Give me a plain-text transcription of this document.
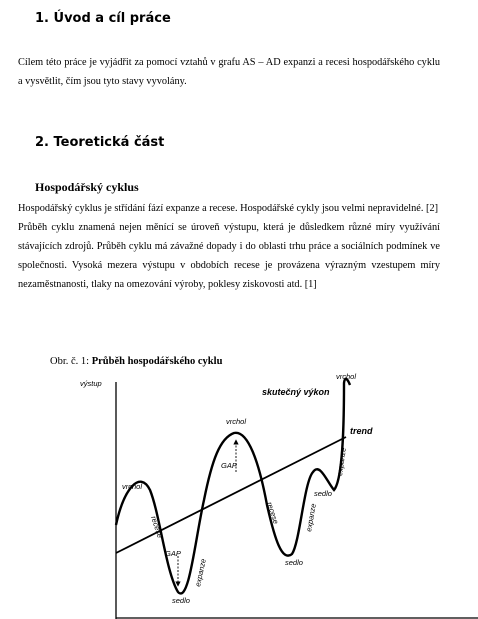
1. Úvod a cíl práce

Cílem této práce je vyjádřit za pomocí vztahů v grafu AS – AD expanzi a recesi hospodářského cyklu a vysvětlit, čím jsou tyto stavy vyvolány.

2. Teoretická část
Hospodářský cyklus

Hospodářský cyklus je střídání fází expanze a recese. Hospodářské cykly jsou velmi nepravidelné. [2]

Průběh cyklu znamená nejen měnící se úroveň výstupu, která je důsledkem různé míry využívání stávajících zdrojů. Průběh cyklu má závažné dopady i do oblasti trhu práce a sociálních podmínek ve společnosti. Vysoká mezera výstupu v obdobích recese je provázena výrazným vzestupem míry nezaměstnanosti, tlaky na omezování výroby, poklesy ziskovosti atd. [1]

Obr. č. 1: Průběh hospodářského cyklu
výstup
skutečný výkon
trend
vrchol
vrchol
vrchol
sedlo
sedlo
sedlo
GAP
GAP
recese
expanze
recese	expanze
expanze
